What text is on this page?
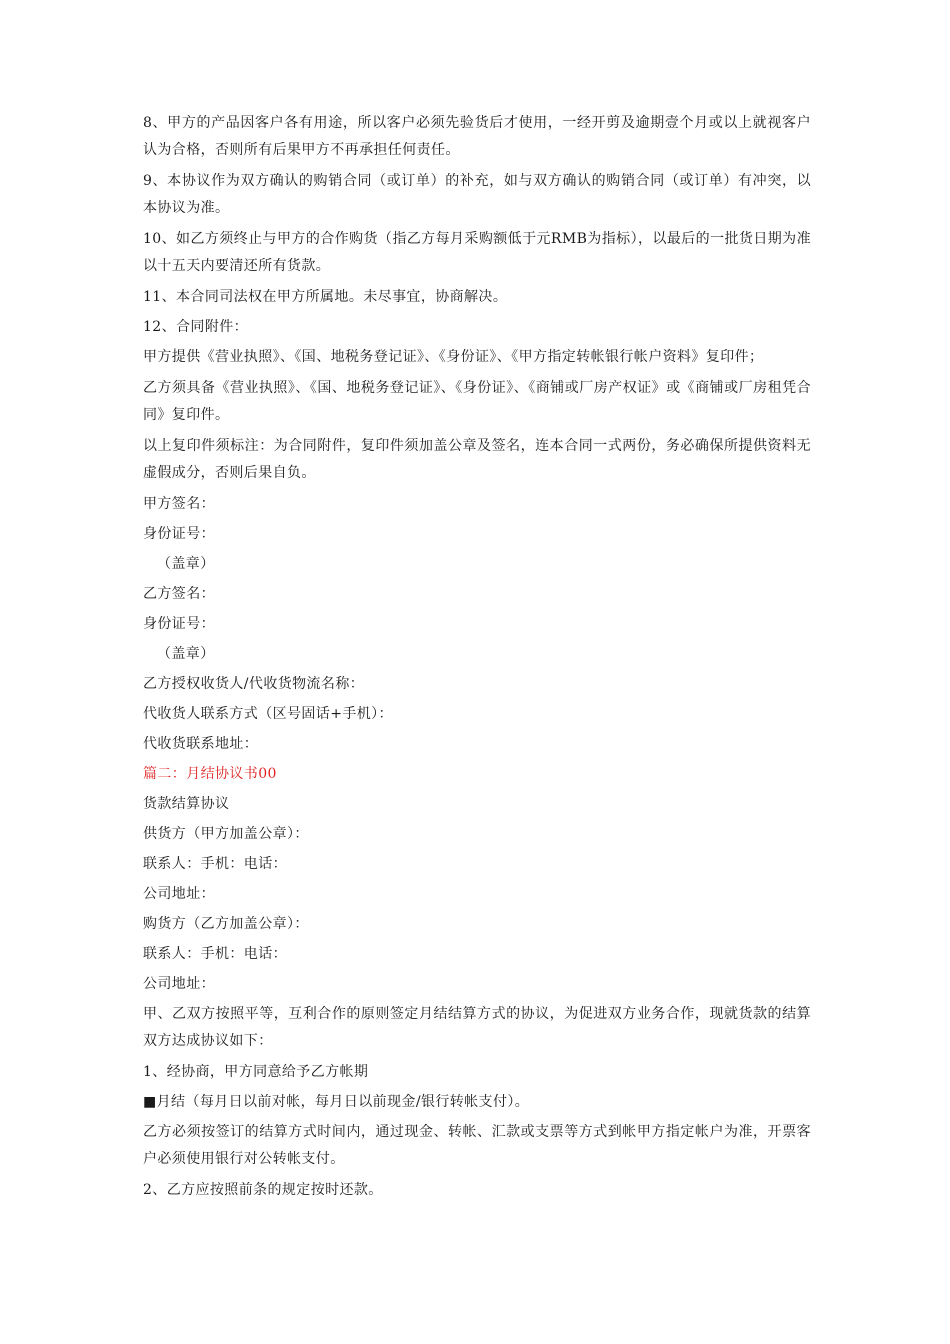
8、甲方的产品因客户各有用途，所以客户必须先验货后才使用，一经开剪及逾期壹个月或以上就视客户认为合格，否则所有后果甲方不再承担任何责任。

9、本协议作为双方确认的购销合同（或订单）的补充，如与双方确认的购销合同（或订单）有冲突，以本协议为准。

10、如乙方须终止与甲方的合作购货（指乙方每月采购额低于元RMB为指标），以最后的一批货日期为准以十五天内要清还所有货款。

11、本合同司法权在甲方所属地。未尽事宜，协商解决。

12、合同附件：

甲方提供《营业执照》、《国、地税务登记证》、《身份证》、《甲方指定转帐银行帐户资料》复印件；

乙方须具备《营业执照》、《国、地税务登记证》、《身份证》、《商铺或厂房产权证》或《商铺或厂房租凭合同》复印件。

以上复印件须标注：为合同附件，复印件须加盖公章及签名，连本合同一式两份，务必确保所提供资料无虚假成分，否则后果自负。

甲方签名：

身份证号：

（盖章）

乙方签名：

身份证号：

（盖章）

乙方授权收货人/代收货物流名称：

代收货人联系方式（区号固话+手机）：

代收货联系地址：

篇二：月结协议书00

货款结算协议

供货方（甲方加盖公章）：

联系人：手机：电话：

公司地址：

购货方（乙方加盖公章）：

联系人：手机：电话：

公司地址：

甲、乙双方按照平等，互利合作的原则签定月结结算方式的协议，为促进双方业务合作，现就货款的结算双方达成协议如下：

1、经协商，甲方同意给予乙方帐期

■月结（每月日以前对帐，每月日以前现金/银行转帐支付）。

乙方必须按签订的结算方式时间内，通过现金、转帐、汇款或支票等方式到帐甲方指定帐户为准，开票客户必须使用银行对公转帐支付。

2、乙方应按照前条的规定按时还款。
